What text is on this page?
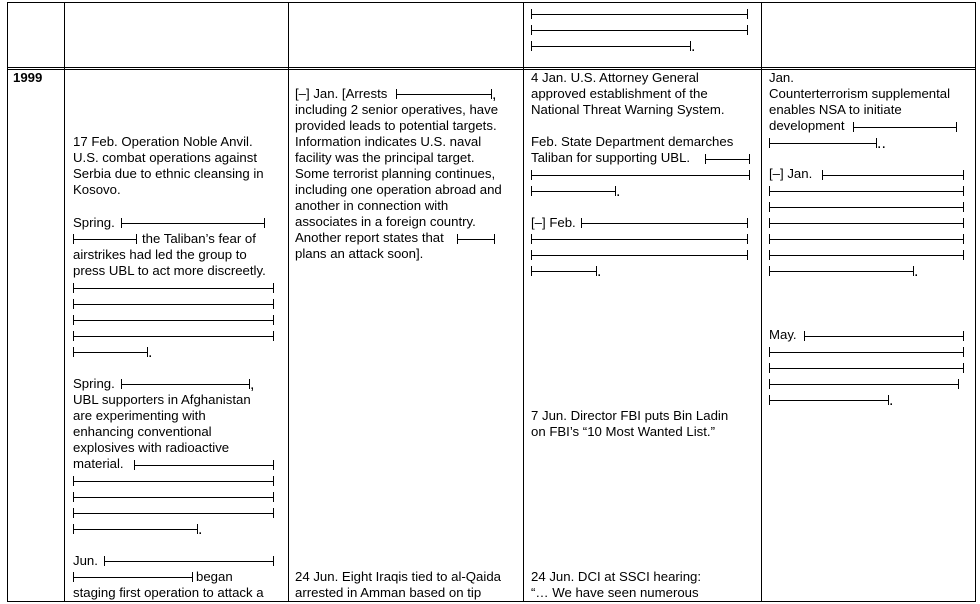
1999
.
17 Feb. Operation Noble Anvil.
U.S. combat operations against
Serbia due to ethnic cleansing in
Kosovo.
Spring.
the Taliban’s fear of
airstrikes had led the group to
press UBL to act more discreetly.
.
Spring.	,
UBL supporters in Afghanistan
are experimenting with
enhancing conventional
explosives with radioactive
material.
.
Jun.
began
staging first operation to attack a
[–] Jan. [Arrests	,
including 2 senior operatives, have
provided leads to potential targets.
Information indicates U.S. naval
facility was the principal target.
Some terrorist planning continues,
including one operation abroad and
another in connection with
associates in a foreign country.
Another report states that
plans an attack soon].
24 Jun. Eight Iraqis tied to al-Qaida
arrested in Amman based on tip
4 Jan. U.S. Attorney General
approved establishment of the
National Threat Warning System.
Feb. State Department demarches
Taliban for supporting UBL.
.
[–] Feb.
.
7 Jun. Director FBI puts Bin Ladin
on FBI’s “10 Most Wanted List.”
24 Jun. DCI at SSCI hearing:
“… We have seen numerous
Jan.
Counterterrorism supplemental
enables NSA to initiate
development
..
[–] Jan.
.
May.
.
